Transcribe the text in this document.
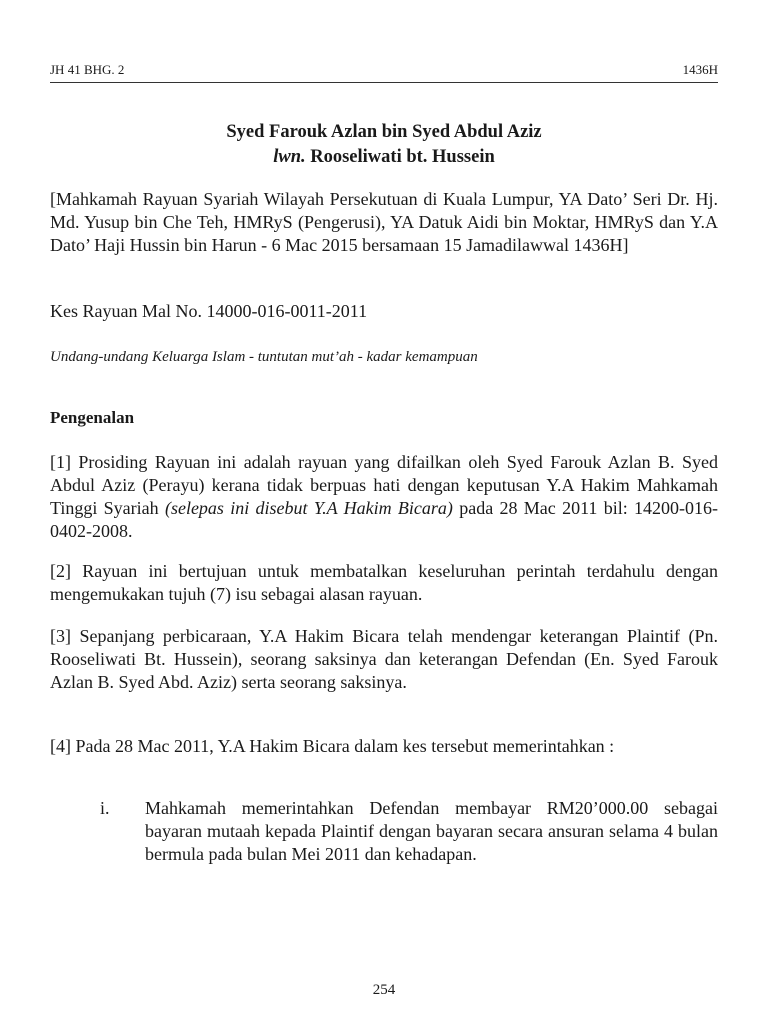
JH 41 BHG. 2	1436H
Syed Farouk Azlan bin Syed Abdul Aziz
lwn. Rooseliwati bt. Hussein
[Mahkamah Rayuan Syariah Wilayah Persekutuan di Kuala Lumpur, YA Dato’ Seri Dr. Hj. Md. Yusup bin Che Teh, HMRyS (Pengerusi), YA Datuk Aidi bin Moktar, HMRyS dan Y.A Dato’ Haji Hussin bin Harun - 6 Mac 2015 bersamaan 15 Jamadilawwal 1436H]
Kes Rayuan Mal No. 14000-016-0011-2011
Undang-undang Keluarga Islam - tuntutan mut’ah - kadar kemampuan
Pengenalan
[1] Prosiding Rayuan ini adalah rayuan yang difailkan oleh Syed Farouk Azlan B. Syed Abdul Aziz (Perayu) kerana tidak berpuas hati dengan keputusan Y.A Hakim Mahkamah Tinggi Syariah (selepas ini disebut Y.A Hakim Bicara) pada 28 Mac 2011 bil: 14200-016-0402-2008.
[2] Rayuan ini bertujuan untuk membatalkan keseluruhan perintah terdahulu dengan mengemukakan tujuh (7) isu sebagai alasan rayuan.
[3] Sepanjang perbicaraan, Y.A Hakim Bicara telah mendengar keterangan Plaintif (Pn. Rooseliwati Bt. Hussein), seorang saksinya dan keterangan Defendan (En. Syed Farouk Azlan B. Syed Abd. Aziz) serta seorang saksinya.
[4] Pada 28 Mac 2011, Y.A Hakim Bicara dalam kes tersebut memerintahkan :
i. Mahkamah memerintahkan Defendan membayar RM20’000.00 sebagai bayaran mutaah kepada Plaintif dengan bayaran secara ansuran selama 4 bulan bermula pada bulan Mei 2011 dan kehadapan.
254
